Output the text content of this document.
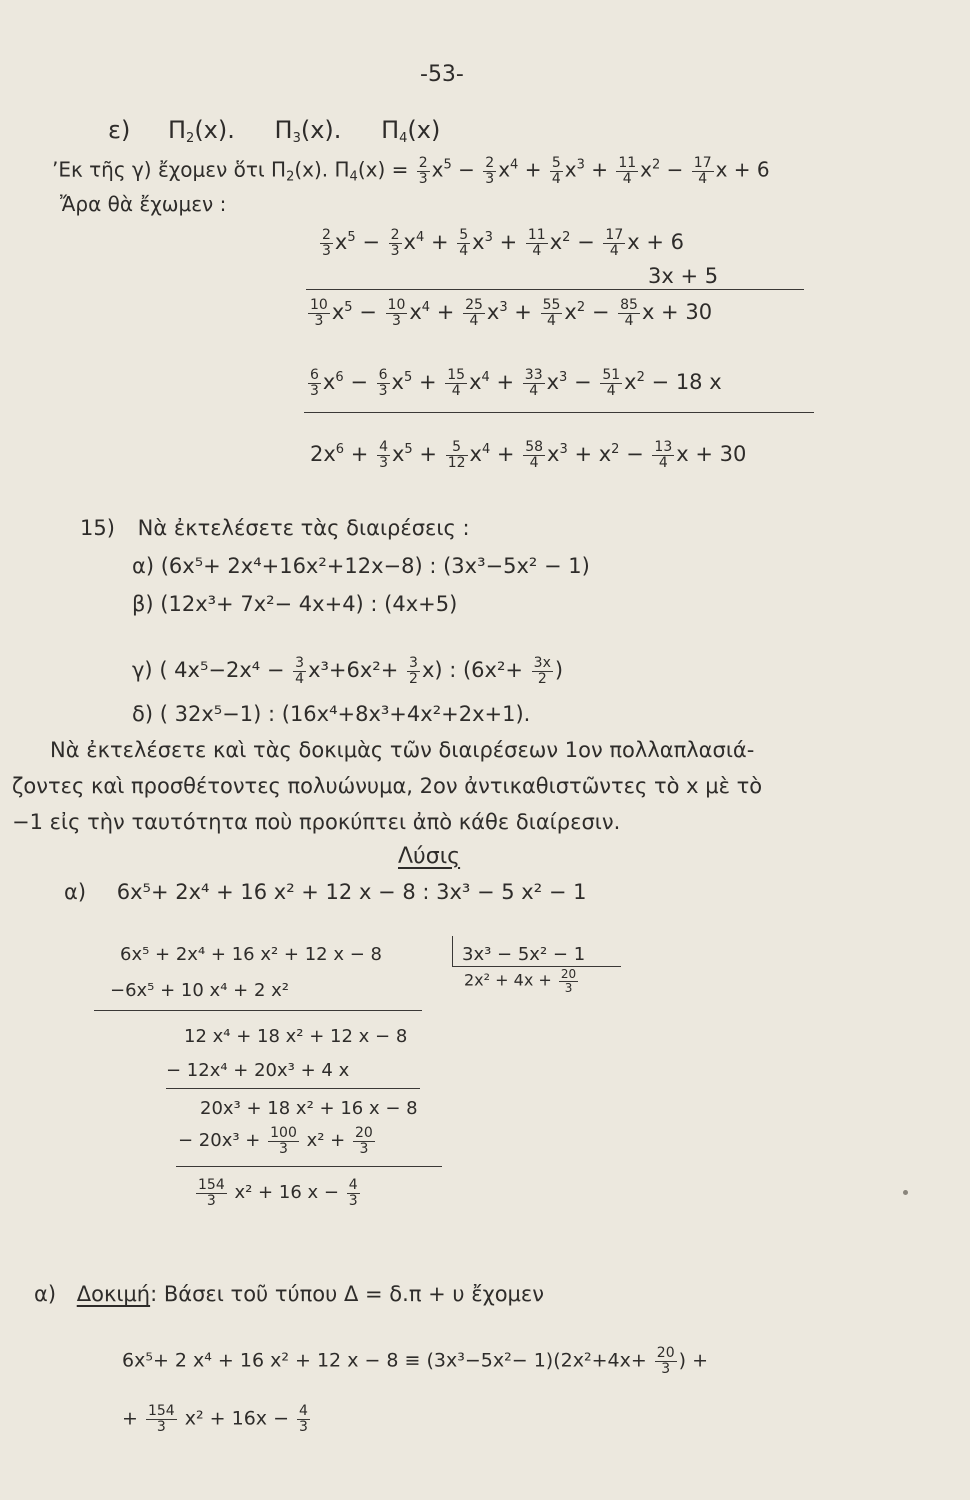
-53-
ε) $\Pi_2(x)$. $\Pi_3(x)$. $\Pi_4(x)$
’Εκ τῆς γ) ἔχομεν ὅτι $\Pi_2(x)$. $\Pi_4(x) = \frac{2}{3} x^5 - \frac{2}{3} x^4 + \frac{5}{4} x^3 + \frac{11}{4} x^2 - \frac{17}{4}$ x + 6
Ἄρα θὰ ἔχωμεν :
$\frac{2}{3} x^5 - \frac{2}{3} x^4 + \frac{5}{4} x^3 + \frac{11}{4} x^2 - \frac{17}{4}$ x + 6
3x + 5
$\frac{10}{3} x^5 - \frac{10}{3} x^4 + \frac{25}{4} x^3 + \frac{55}{4} x^2 - \frac{85}{4}$ x + 30
$\frac{6}{3} x^6 - \frac{6}{3} x^5 + \frac{15}{4} x^4 + \frac{33}{4} x^3 - \frac{51}{4} x^2 - 18$ x
$2x^6 + \frac{4}{3} x^5 + \frac{5}{12} x^4 + \frac{58}{4} x^3 + x^2 - \frac{13}{4}$ x + 30
15) Νὰ ἐκτελέσετε τὰς διαιρέσεις :
α) (6x⁵+ 2x⁴+16x²+12x−8) : (3x³−5x² − 1)
β) (12x³+ 7x²− 4x+4) : (4x+5)
γ) ( $4x^5-2x^4 - \frac{3}{4} x^3+6x^2+ \frac{3}{2} x$) : ($6x^2+ \frac{3x}{2}$ )
δ) ( 32x⁵−1) : (16x⁴+8x³+4x²+2x+1).
Νὰ ἐκτελέσετε καὶ τὰς δοκιμὰς τῶν διαιρέσεων 1ον πολλαπλασιά-
ζοντες καὶ προσθέτοντες πολυώνυμα, 2ον ἀντικαθιστῶντες τὸ x μὲ τὸ
−1 εἰς τὴν ταυτότητα ποὺ προκύπτει ἀπὸ κάθε διαίρεσιν.
Λύσις
α) 6x⁵+ 2x⁴ + 16 x² + 12 x − 8 : 3x³ − 5 x² − 1
6x⁵ + 2x⁴ + 16 x² + 12 x − 8	3x³ − 5x² − 1
$2x^2 + 4x + \frac{20}{3}$
−6x⁵ + 10 x⁴ + 2 x²
12 x⁴ + 18 x² + 12 x − 8
− 12x⁴ + 20x³ + 4 x
20x³ + 18 x² + 16 x − 8
− $20x^3 + \frac{100}{3} x^2 + \frac{20}{3}$
$\frac{154}{3} x^2 + 16$ $x - \frac{4}{3}$
α) Δοκιμή: Βάσει τοῦ τύπου Δ = δ.π + υ ἔχομεν
6x⁵+ 2 x⁴ + 16 x² + 12 $x - 8 \equiv (3x^3-5x^2- 1)(2x^2+4x+ \frac{20}{3}$ ) +
+ $\frac{154}{3} x^2 + 16x - \frac{4}{3}$
